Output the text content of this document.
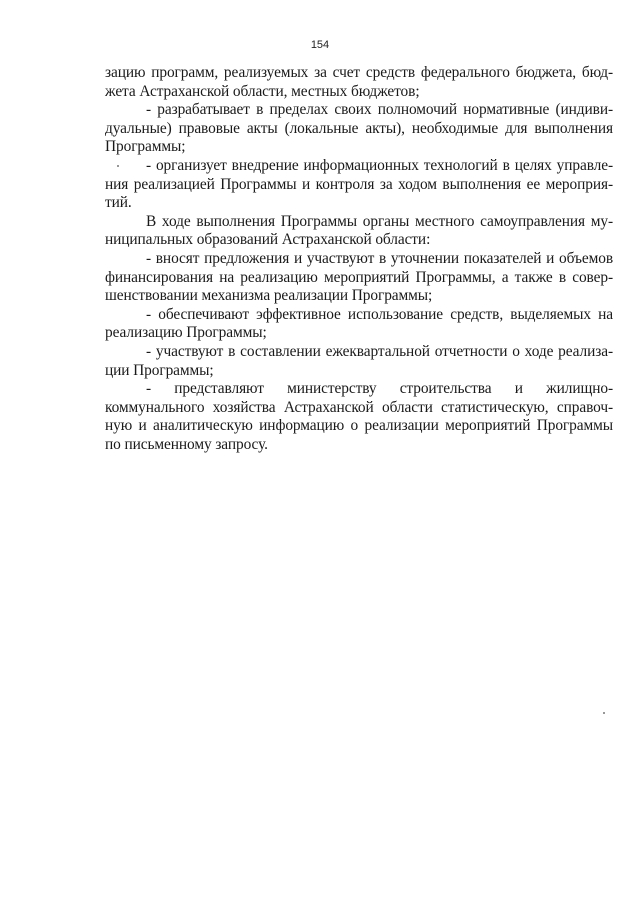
154
зацию программ, реализуемых за счет средств федерального бюджета, бюд-
жета Астраханской области, местных бюджетов;
- разрабатывает в пределах своих полномочий нормативные (индиви-
дуальные) правовые акты (локальные акты), необходимые для выполнения
Программы;
- организует внедрение информационных технологий в целях управле-
ния реализацией Программы и контроля за ходом выполнения ее мероприя-
тий.
В ходе выполнения Программы органы местного самоуправления му-
ниципальных образований Астраханской области:
- вносят предложения и участвуют в уточнении показателей и объемов
финансирования на реализацию мероприятий Программы, а также в совер-
шенствовании механизма реализации Программы;
- обеспечивают эффективное использование средств, выделяемых на
реализацию Программы;
- участвуют в составлении ежеквартальной отчетности о ходе реализа-
ции Программы;
- представляют министерству строительства и жилищно-
коммунального хозяйства Астраханской области статистическую, справоч-
ную и аналитическую информацию о реализации мероприятий Программы
по письменному запросу.
